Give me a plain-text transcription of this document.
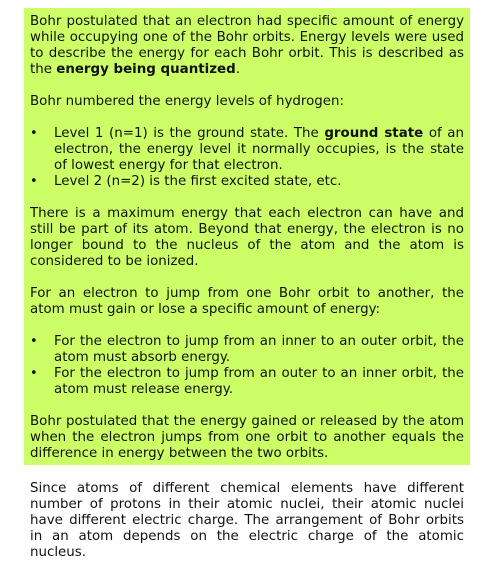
Bohr postulated that an electron had specific amount of energy while occupying one of the Bohr orbits. Energy levels were used to describe the energy for each Bohr orbit. This is described as the energy being quantized.

Bohr numbered the energy levels of hydrogen:

•	Level 1 (n=1) is the ground state. The ground state of an electron, the energy level it normally occupies, is the state of lowest energy for that electron.
•	Level 2 (n=2) is the first excited state, etc.

There is a maximum energy that each electron can have and still be part of its atom. Beyond that energy, the electron is no longer bound to the nucleus of the atom and the atom is considered to be ionized.

For an electron to jump from one Bohr orbit to another, the atom must gain or lose a specific amount of energy:

•	For the electron to jump from an inner to an outer orbit, the atom must absorb energy.
•	For the electron to jump from an outer to an inner orbit, the atom must release energy.

Bohr postulated that the energy gained or released by the atom when the electron jumps from one orbit to another equals the difference in energy between the two orbits.

Since atoms of different chemical elements have different number of protons in their atomic nuclei, their atomic nuclei have different electric charge. The arrangement of Bohr orbits in an atom depends on the electric charge of the atomic nucleus.
